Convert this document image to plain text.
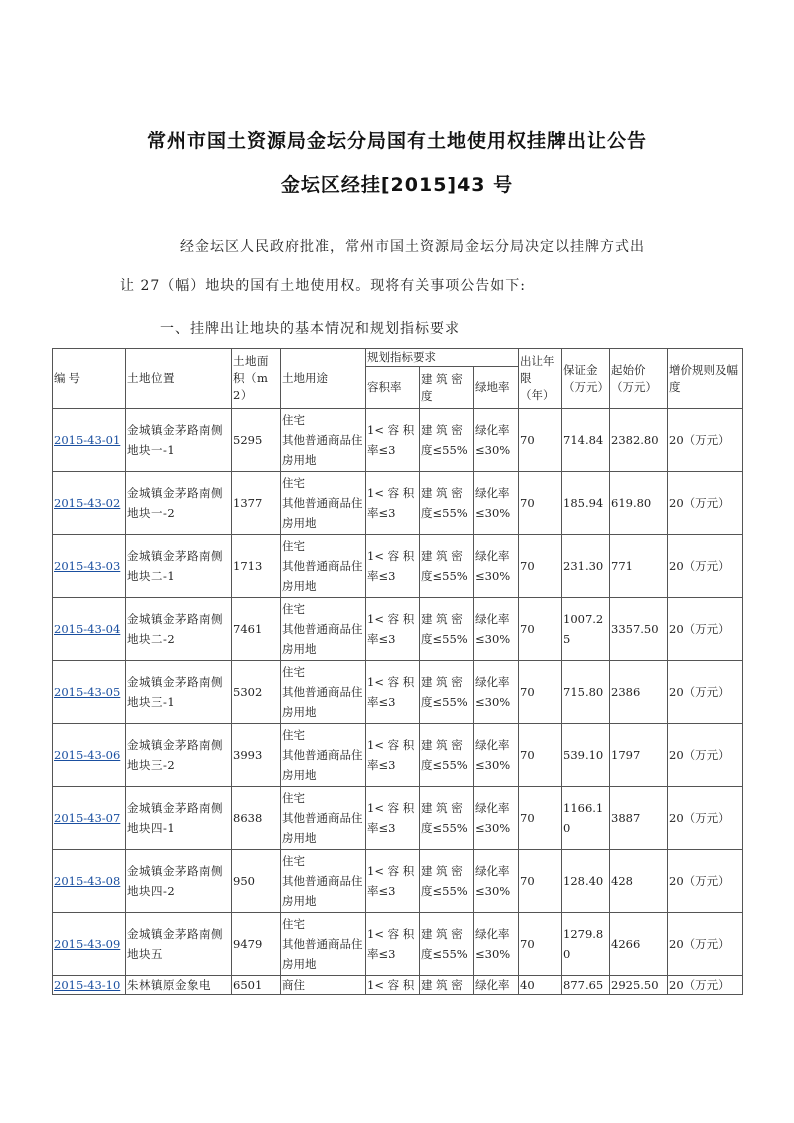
常州市国土资源局金坛分局国有土地使用权挂牌出让公告
金坛区经挂[2015]43 号
经金坛区人民政府批准，常州市国土资源局金坛分局决定以挂牌方式出
让 27（幅）地块的国有土地使用权。现将有关事项公告如下:
一、挂牌出让地块的基本情况和规划指标要求
编号	土地位置	土地面积（m2）	土地用途	规划指标要求			出让年限（年）	保证金（万元）	起始价（万元）	增价规则及幅度
				容积率	建 筑 密度	绿地率				
2015-43-01	金城镇金茅路南侧地块一-1	5295	住宅
其他普通商品住房用地	1< 容 积率≤3	建 筑 密度≤55%	绿化率≤30%	70	714.84	2382.80	20（万元）
2015-43-02	金城镇金茅路南侧地块一-2	1377	住宅
其他普通商品住房用地	1< 容 积率≤3	建 筑 密度≤55%	绿化率≤30%	70	185.94	619.80	20（万元）
2015-43-03	金城镇金茅路南侧地块二-1	1713	住宅
其他普通商品住房用地	1< 容 积率≤3	建 筑 密度≤55%	绿化率≤30%	70	231.30	771	20（万元）
2015-43-04	金城镇金茅路南侧地块二-2	7461	住宅
其他普通商品住房用地	1< 容 积率≤3	建 筑 密度≤55%	绿化率≤30%	70	1007.25	3357.50	20（万元）
2015-43-05	金城镇金茅路南侧地块三-1	5302	住宅
其他普通商品住房用地	1< 容 积率≤3	建 筑 密度≤55%	绿化率≤30%	70	715.80	2386	20（万元）
2015-43-06	金城镇金茅路南侧地块三-2	3993	住宅
其他普通商品住房用地	1< 容 积率≤3	建 筑 密度≤55%	绿化率≤30%	70	539.10	1797	20（万元）
2015-43-07	金城镇金茅路南侧地块四-1	8638	住宅
其他普通商品住房用地	1< 容 积率≤3	建 筑 密度≤55%	绿化率≤30%	70	1166.10	3887	20（万元）
2015-43-08	金城镇金茅路南侧地块四-2	950	住宅
其他普通商品住房用地	1< 容 积率≤3	建 筑 密度≤55%	绿化率≤30%	70	128.40	428	20（万元）
2015-43-09	金城镇金茅路南侧地块五	9479	住宅
其他普通商品住房用地	1< 容 积率≤3	建 筑 密度≤55%	绿化率≤30%	70	1279.80	4266	20（万元）
2015-43-10	朱林镇原金象电	6501	商住	1< 容 积	建 筑 密	绿化率	40	877.65	2925.50	20（万元）
